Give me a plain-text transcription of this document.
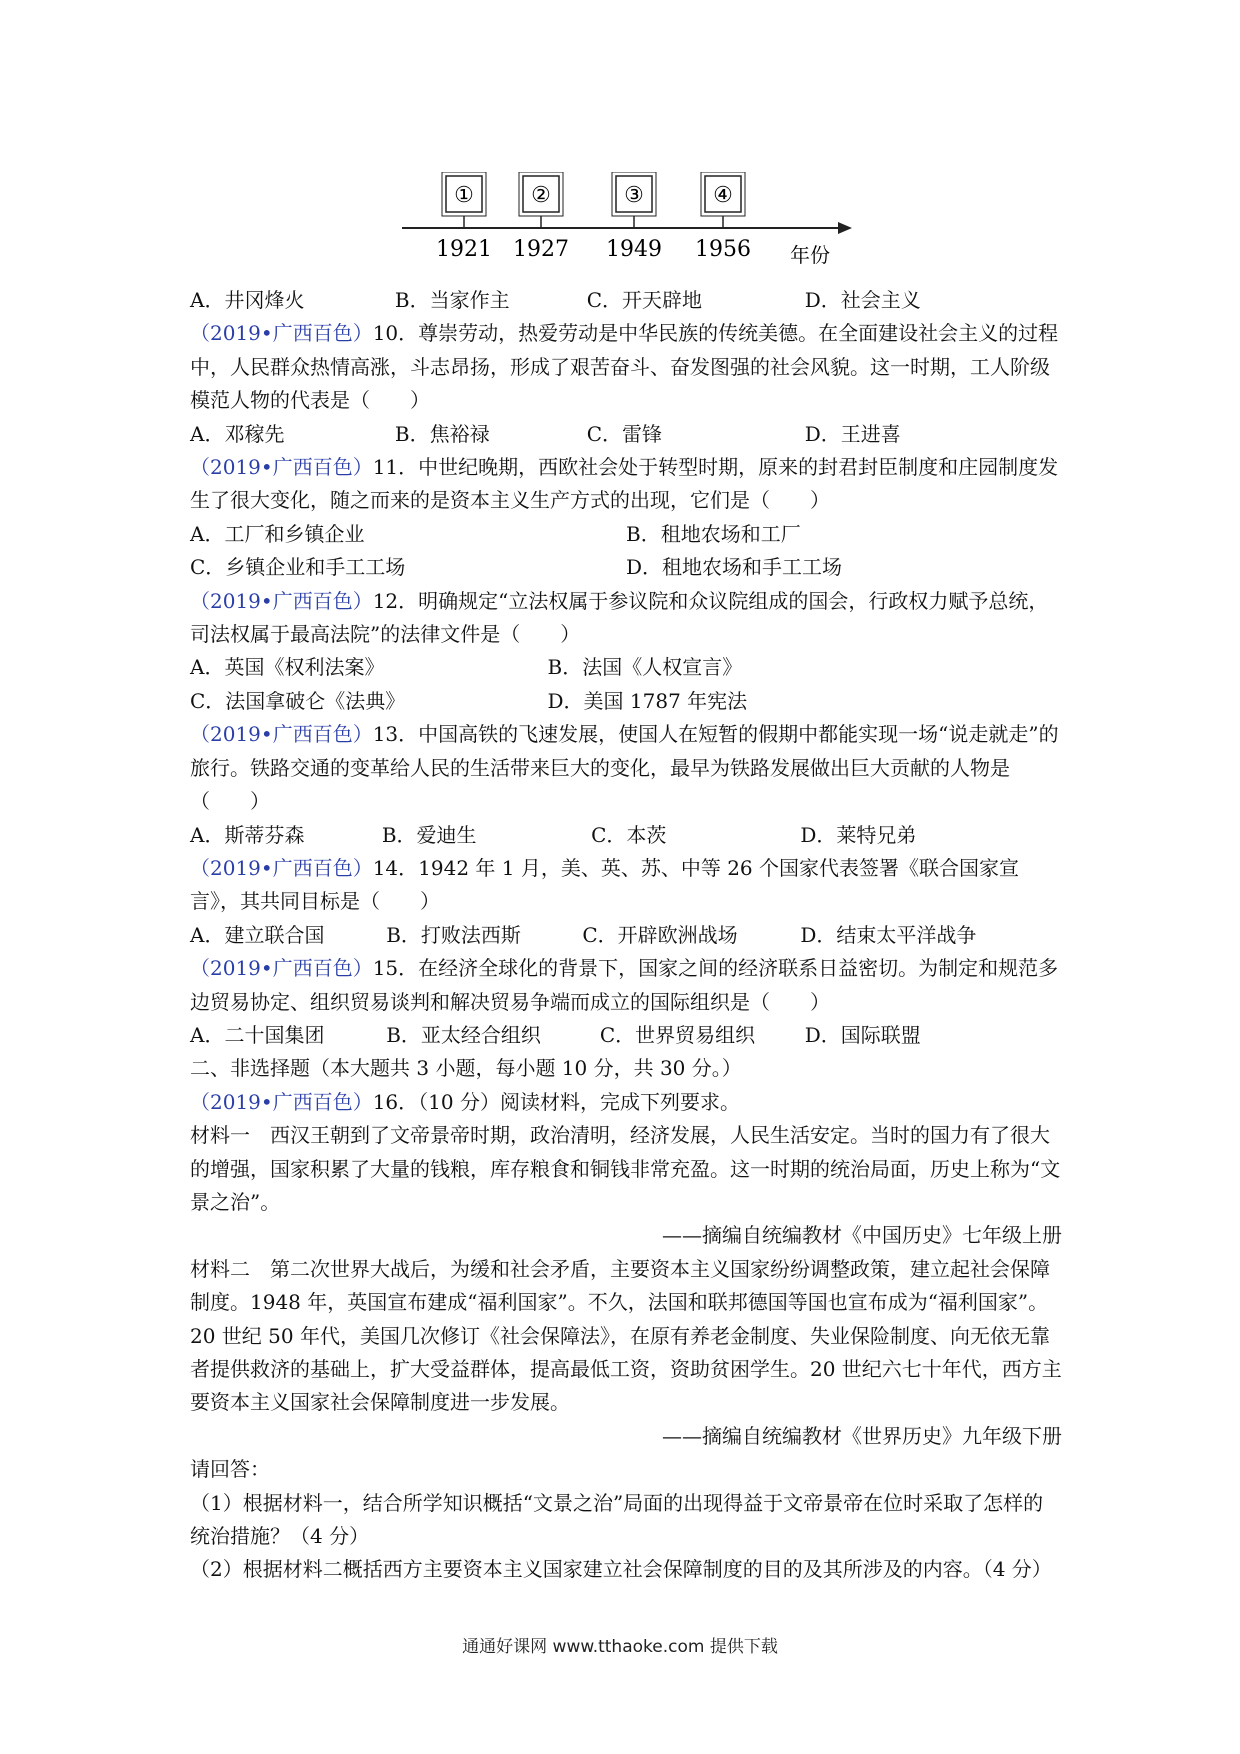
①
1921
②
1927
③
1949
④
1956 年份
A．井冈烽火	B．当家作主	C．开天辟地	D．社会主义

（2019•广西百色）10．尊崇劳动，热爱劳动是中华民族的传统美德。在全面建设社会主义的过程中，人民群众热情高涨，斗志昂扬，形成了艰苦奋斗、奋发图强的社会风貌。这一时期，工人阶级模范人物的代表是（　　）

A．邓稼先	B．焦裕禄	C．雷锋	D．王进喜

（2019•广西百色）11．中世纪晚期，西欧社会处于转型时期，原来的封君封臣制度和庄园制度发生了很大变化，随之而来的是资本主义生产方式的出现，它们是（　　）

A．工厂和乡镇企业	B．租地农场和工厂
C．乡镇企业和手工工场	D．租地农场和手工工场

（2019•广西百色）12．明确规定“立法权属于参议院和众议院组成的国会，行政权力赋予总统，司法权属于最高法院”的法律文件是（　　）

A．英国《权利法案》	B．法国《人权宣言》
C．法国拿破仑《法典》	D．美国 1787 年宪法

（2019•广西百色）13．中国高铁的飞速发展，使国人在短暂的假期中都能实现一场“说走就走”的旅行。铁路交通的变革给人民的生活带来巨大的变化，最早为铁路发展做出巨大贡献的人物是（　　）

A．斯蒂芬森	B．爱迪生	C．本茨	D．莱特兄弟

（2019•广西百色）14．1942 年 1 月，美、英、苏、中等 26 个国家代表签署《联合国家宣言》，其共同目标是（　　）

A．建立联合国	B．打败法西斯	C．开辟欧洲战场	D．结束太平洋战争

（2019•广西百色）15．在经济全球化的背景下，国家之间的经济联系日益密切。为制定和规范多边贸易协定、组织贸易谈判和解决贸易争端而成立的国际组织是（　　）

A．二十国集团	B．亚太经合组织	C．世界贸易组织	D．国际联盟

二、非选择题（本大题共 3 小题，每小题 10 分，共 30 分。）

（2019•广西百色）16．（10 分）阅读材料，完成下列要求。

材料一　西汉王朝到了文帝景帝时期，政治清明，经济发展，人民生活安定。当时的国力有了很大的增强，国家积累了大量的钱粮，库存粮食和铜钱非常充盈。这一时期的统治局面，历史上称为“文景之治”。

——摘编自统编教材《中国历史》七年级上册

材料二　第二次世界大战后，为缓和社会矛盾，主要资本主义国家纷纷调整政策，建立起社会保障制度。1948 年，英国宣布建成“福利国家”。不久，法国和联邦德国等国也宣布成为“福利国家”。20 世纪 50 年代，美国几次修订《社会保障法》，在原有养老金制度、失业保险制度、向无依无靠者提供救济的基础上，扩大受益群体，提高最低工资，资助贫困学生。20 世纪六七十年代，西方主要资本主义国家社会保障制度进一步发展。

——摘编自统编教材《世界历史》九年级下册

请回答：

（1）根据材料一，结合所学知识概括“文景之治”局面的出现得益于文帝景帝在位时采取了怎样的统治措施？（4 分）

（2）根据材料二概括西方主要资本主义国家建立社会保障制度的目的及其所涉及的内容。（4 分）

通通好课网 www.tthaoke.com 提供下载
